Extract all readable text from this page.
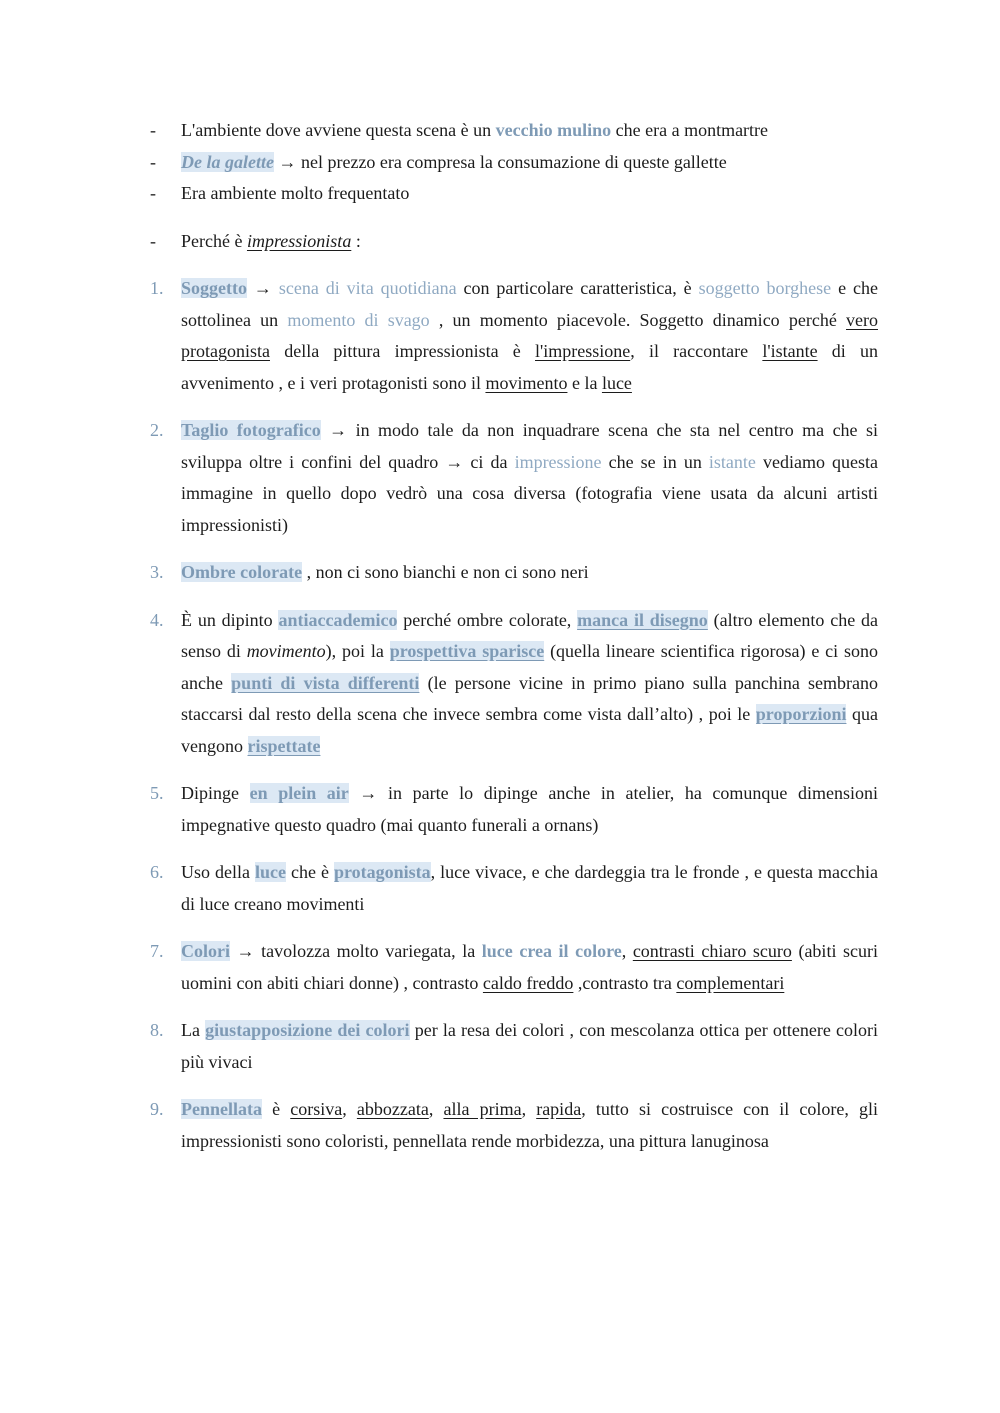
-	L'ambiente dove avviene questa scena è un vecchio mulino che era a montmartre
-	De la galette → nel prezzo era compresa la consumazione di queste gallette
-	Era ambiente molto frequentato
-	Perché è impressionista :
1. Soggetto → scena di vita quotidiana con particolare caratteristica, è soggetto borghese e che sottolinea un momento di svago , un momento piacevole. Soggetto dinamico perché vero protagonista della pittura impressionista è l'impressione, il raccontare l'istante di un avvenimento , e i veri protagonisti sono il movimento e la luce
2. Taglio fotografico → in modo tale da non inquadrare scena che sta nel centro ma che si sviluppa oltre i confini del quadro → ci da impressione che se in un istante vediamo questa immagine in quello dopo vedrò una cosa diversa (fotografia viene usata da alcuni artisti impressionisti)
3. Ombre colorate , non ci sono bianchi e non ci sono neri
4. È un dipinto antiaccademico perché ombre colorate, manca il disegno (altro elemento che da senso di movimento), poi la prospettiva sparisce (quella lineare scientifica rigorosa) e ci sono anche punti di vista differenti (le persone vicine in primo piano sulla panchina sembrano staccarsi dal resto della scena che invece sembra come vista dall’alto) , poi le proporzioni qua vengono rispettate
5. Dipinge en plein air → in parte lo dipinge anche in atelier, ha comunque dimensioni impegnative questo quadro (mai quanto funerali a ornans)
6. Uso della luce che è protagonista, luce vivace, e che dardeggia tra le fronde , e questa macchia di luce creano movimenti
7. Colori → tavolozza molto variegata, la luce crea il colore, contrasti chiaro scuro (abiti scuri uomini con abiti chiari donne) , contrasto caldo freddo ,contrasto tra complementari
8. La giustapposizione dei colori per la resa dei colori , con mescolanza ottica per ottenere colori più vivaci
9. Pennellata è corsiva, abbozzata, alla prima, rapida, tutto si costruisce con il colore, gli impressionisti sono coloristi, pennellata rende morbidezza, una pittura lanuginosa
